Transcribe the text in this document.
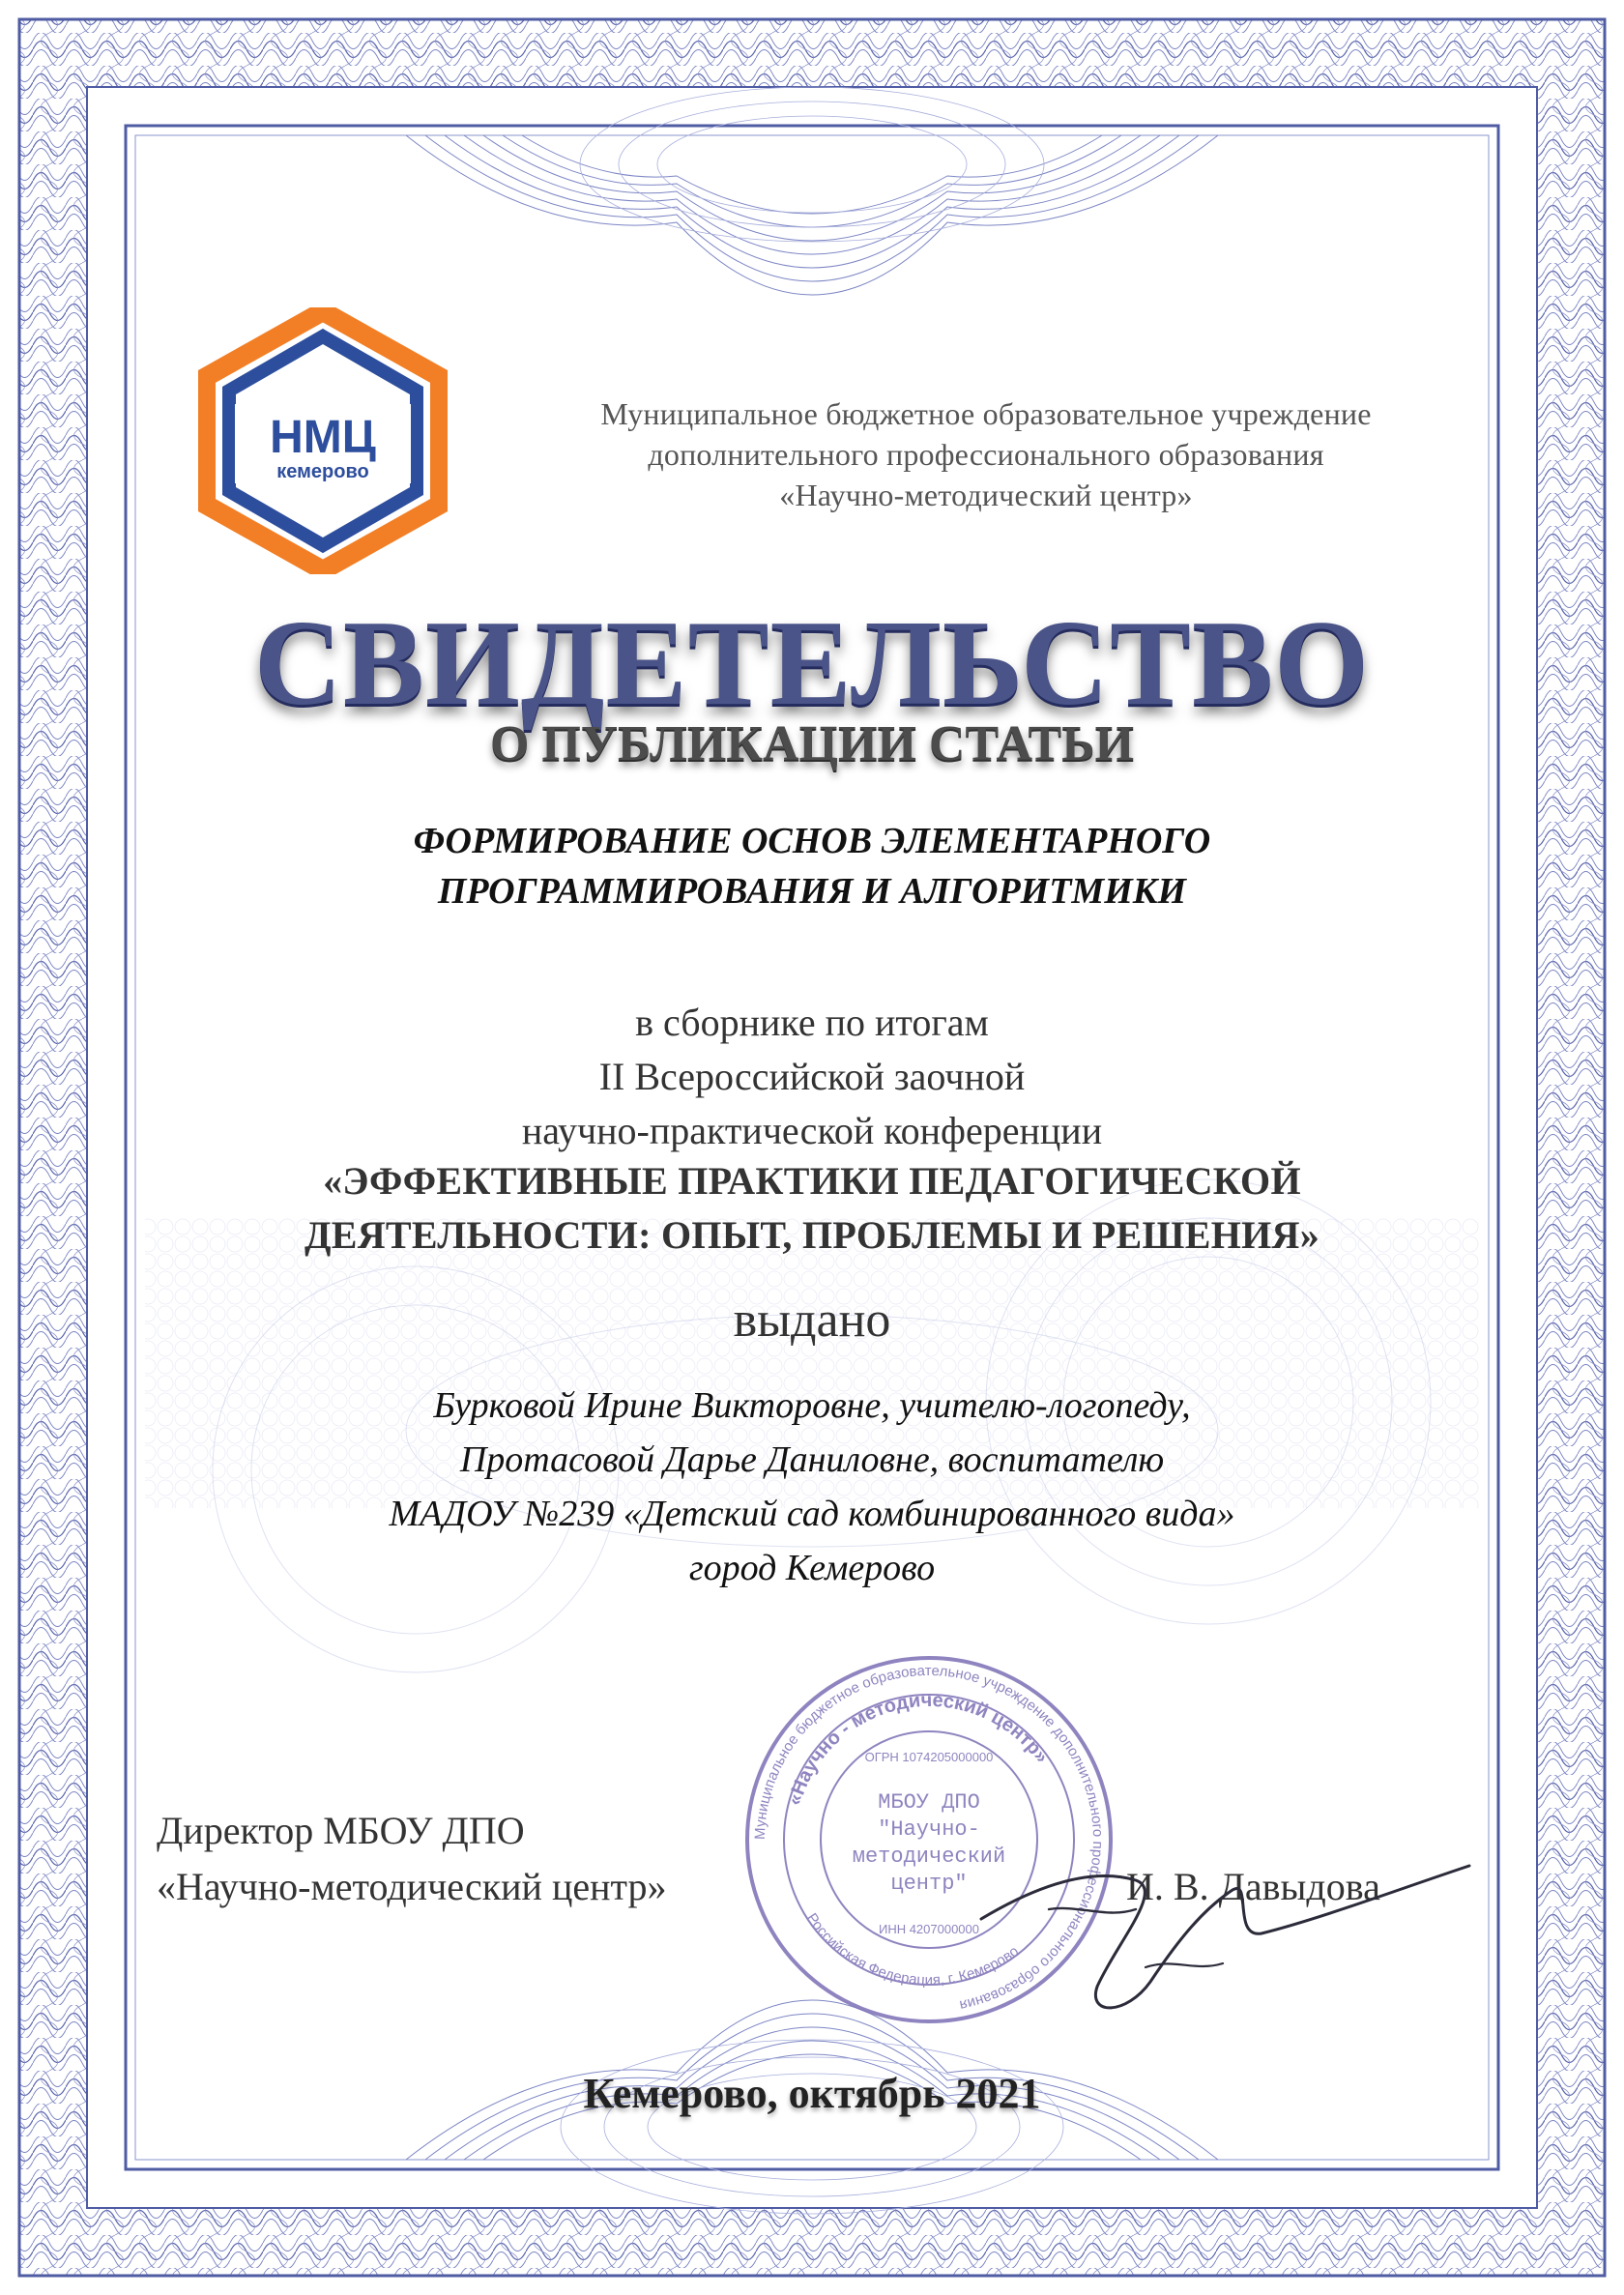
НМЦ
кемерово
Муниципальное бюджетное образовательное учреждение
дополнительного профессионального образования
«Научно-методический центр»
СВИДЕТЕЛЬСТВО
О ПУБЛИКАЦИИ СТАТЬИ
ФОРМИРОВАНИЕ ОСНОВ ЭЛЕМЕНТАРНОГО
ПРОГРАММИРОВАНИЯ И АЛГОРИТМИКИ
в сборнике по итогам
II Всероссийской заочной
научно-практической конференции
«ЭФФЕКТИВНЫЕ ПРАКТИКИ ПЕДАГОГИЧЕСКОЙ
ДЕЯТЕЛЬНОСТИ: ОПЫТ, ПРОБЛЕМЫ И РЕШЕНИЯ»
выдано
Бурковой Ирине Викторовне, учителю-логопеду,
Протасовой Дарье Даниловне, воспитателю
МАДОУ №239 «Детский сад комбинированного вида»
город Кемерово
Директор МБОУ ДПО
«Научно-методический центр»	И. В. Давыдова
Муниципальное бюджетное образовательное учреждение дополнительного профессионального образования
«Научно - методический центр»
Российская Федерация, г. Кемерово
ОГРН 1074205000000
МБОУ ДПО
"Научно-
методический
центр"
ИНН 4207000000
Кемерово, октябрь 2021
